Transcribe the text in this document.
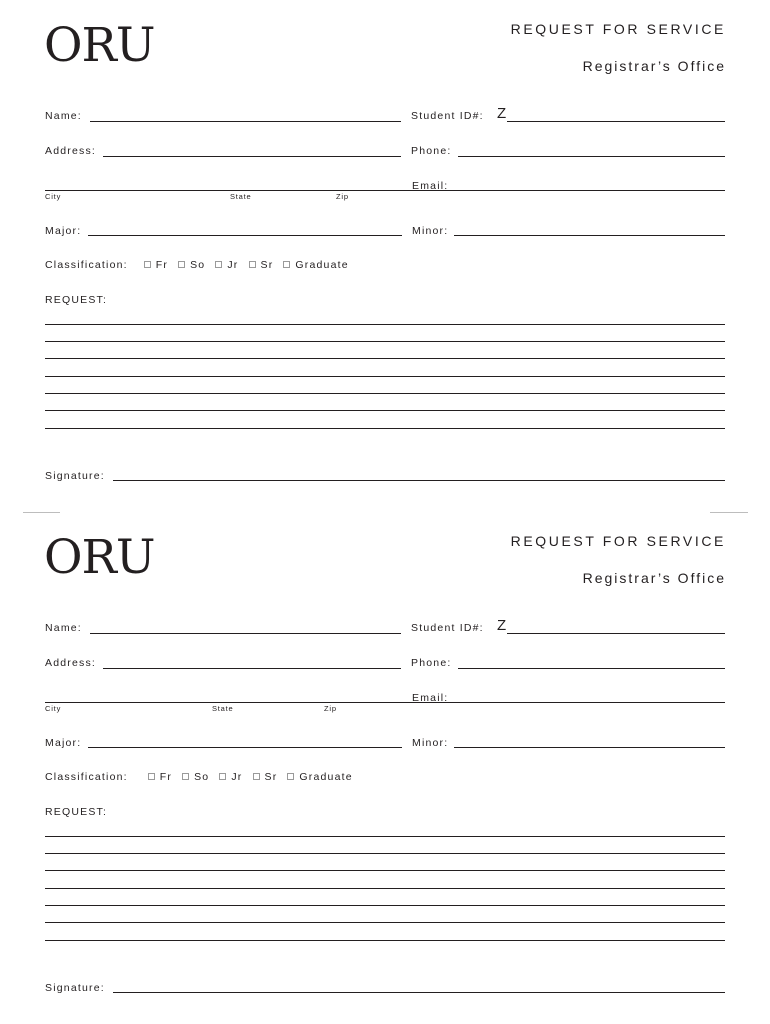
ORU	REQUEST FOR SERVICE
Registrar’s Office
Name:	Student ID#: Z
Address:	Phone:
City	State	Zip
Email:
Major:	Minor:
Classification:	Fr So Jr Sr Graduate
REQUEST:
Signature:
ORU	REQUEST FOR SERVICE
Registrar’s Office
Name:	Student ID#: Z
Address:	Phone:
City	State	Zip
Email:
Major:	Minor:
Classification:	Fr So Jr Sr Graduate
REQUEST:
Signature:
